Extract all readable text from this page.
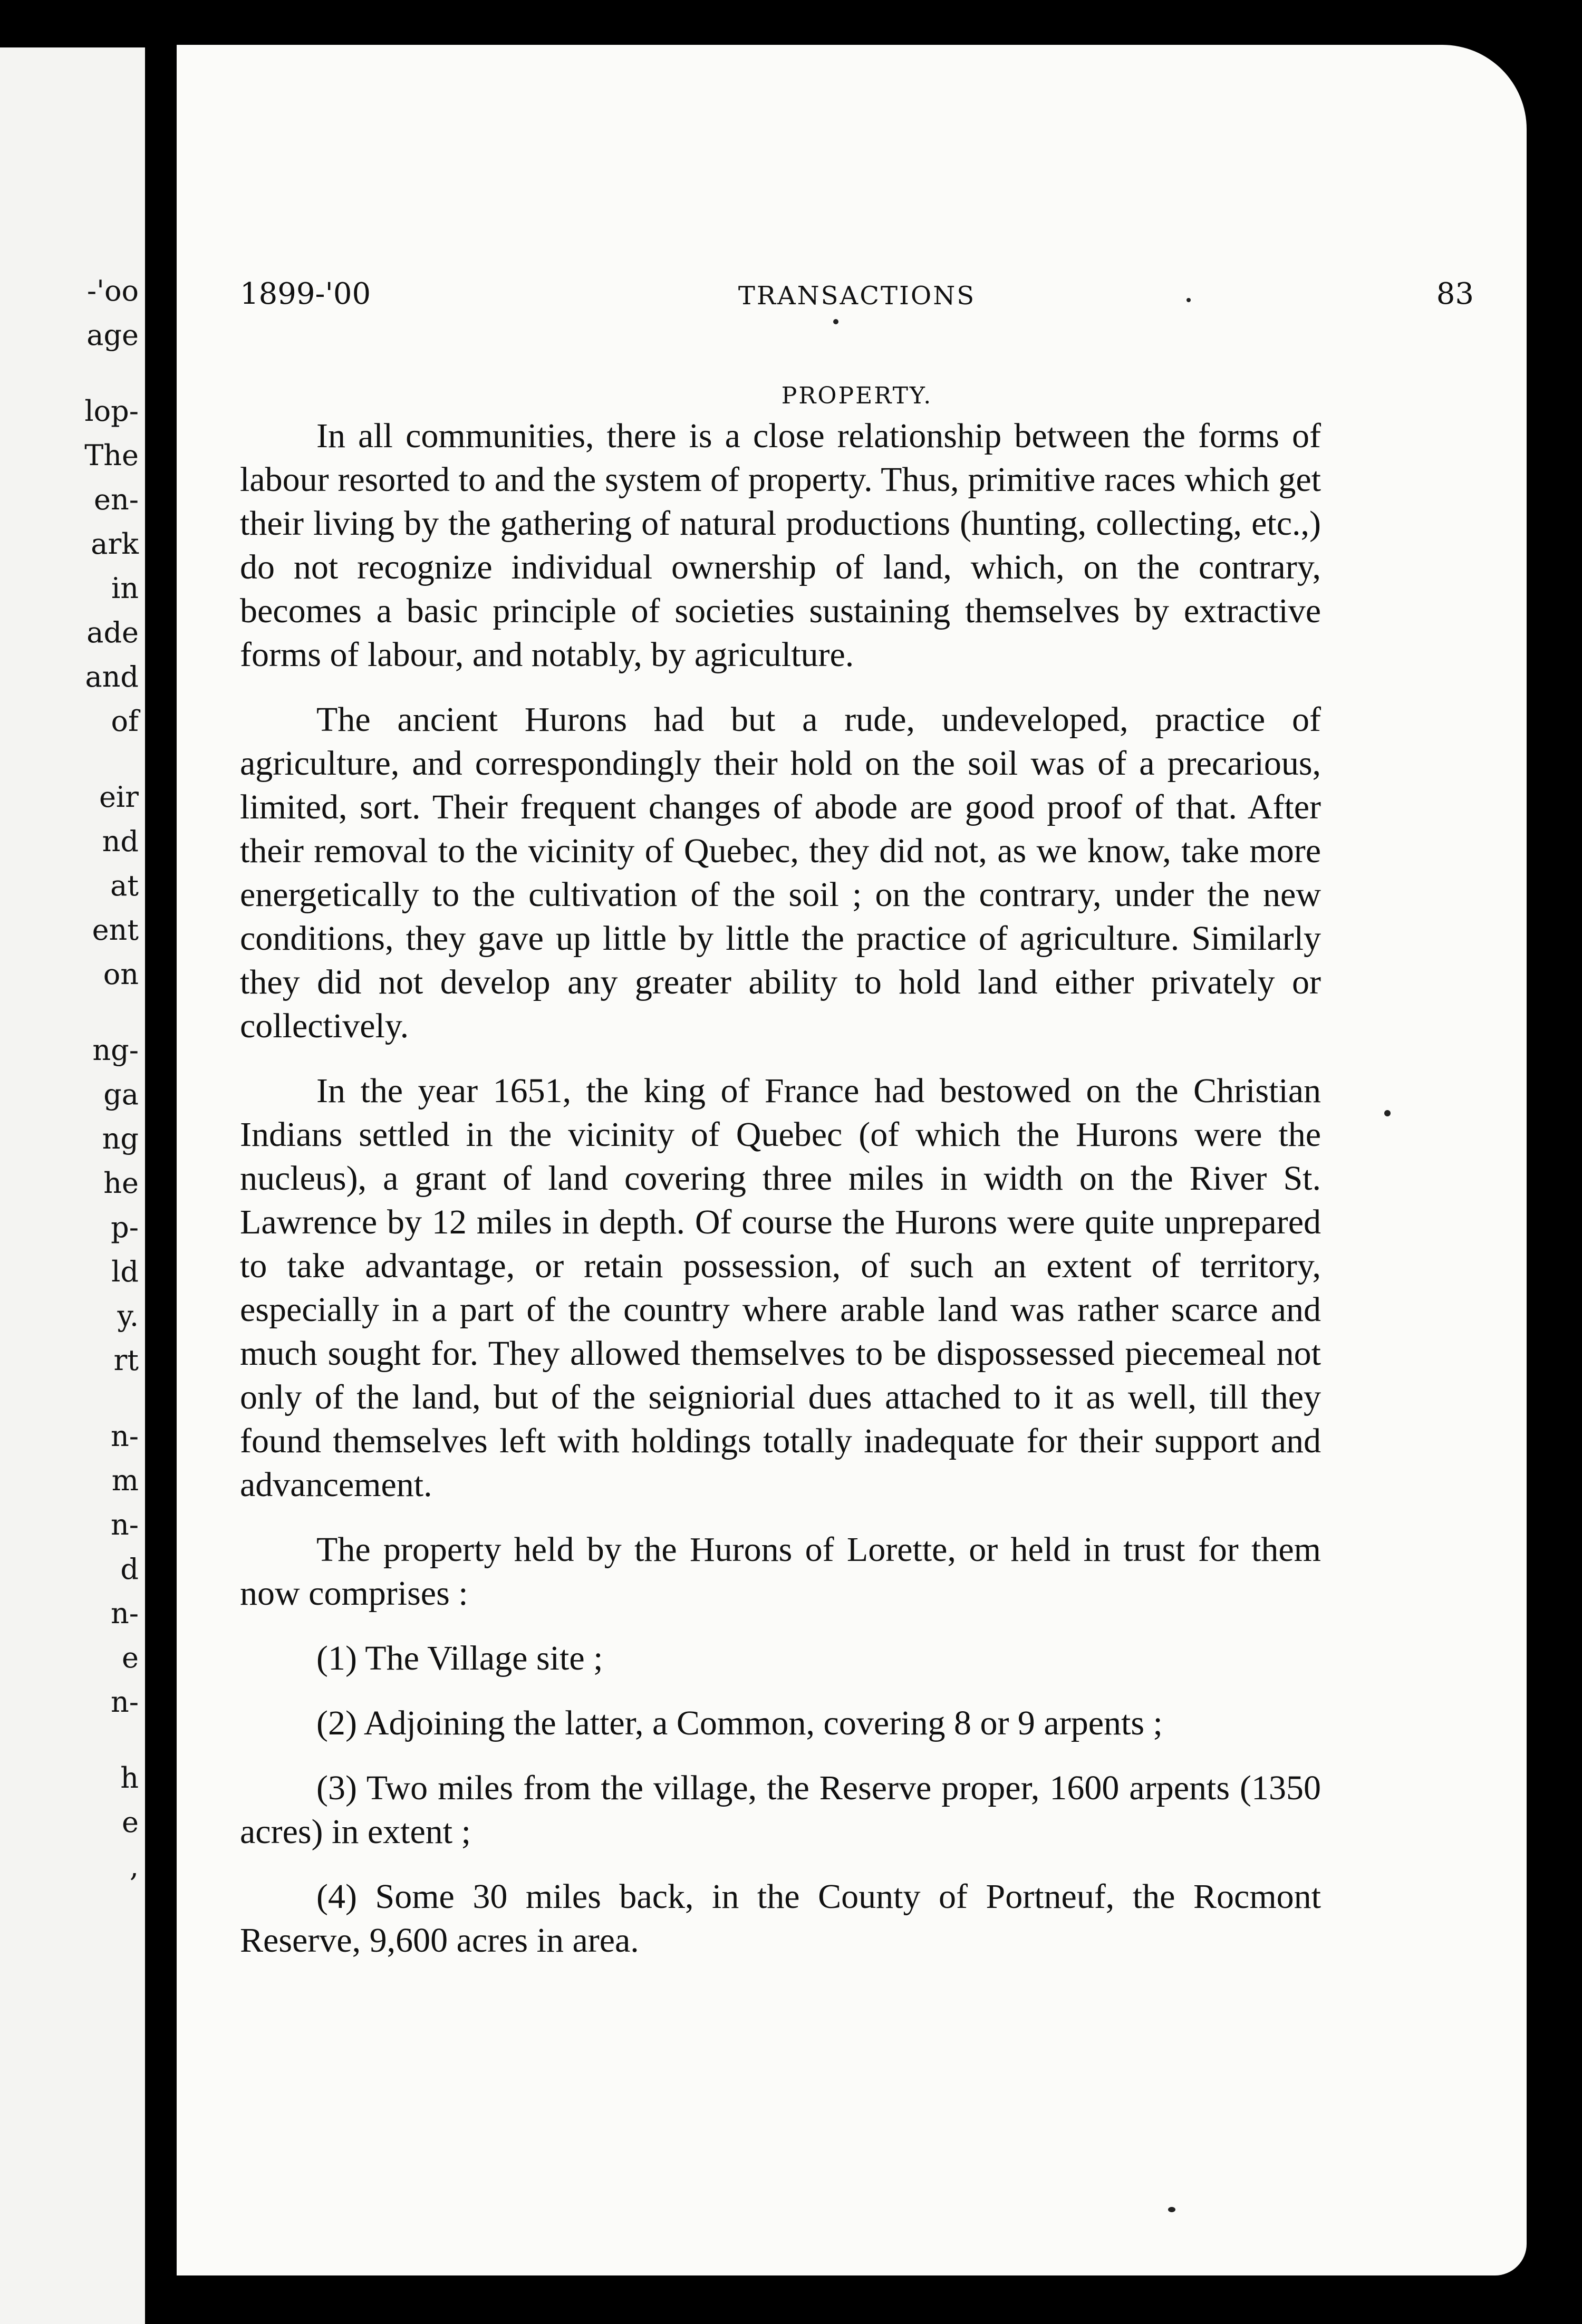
-'oo
age
lop-
The
en-
ark
in
ade
and
of
eir
nd
at
ent
on
ng-
ga
ng
he
p-
ld
y.
rt
n-
m
n-
d
n-
e
n-
h
e
,
1899-'00	TRANSACTIONS	83
PROPERTY.

In all communities, there is a close relationship between the forms of labour resorted to and the system of property. Thus, primitive races which get their living by the gathering of natural productions (hunting, collecting, etc.,) do not recognize individual ownership of land, which, on the contrary, becomes a basic principle of societies sustaining themselves by extractive forms of labour, and notably, by agriculture.

The ancient Hurons had but a rude, undeveloped, practice of agriculture, and correspondingly their hold on the soil was of a precarious, limited, sort. Their frequent changes of abode are good proof of that. After their removal to the vicinity of Quebec, they did not, as we know, take more energetically to the cultivation of the soil ; on the contrary, under the new conditions, they gave up little by little the practice of agriculture. Similarly they did not develop any greater ability to hold land either privately or collectively.

In the year 1651, the king of France had bestowed on the Christian Indians settled in the vicinity of Quebec (of which the Hurons were the nucleus), a grant of land covering three miles in width on the River St. Lawrence by 12 miles in depth. Of course the Hurons were quite unprepared to take advantage, or retain possession, of such an extent of territory, especially in a part of the country where arable land was rather scarce and much sought for. They allowed themselves to be dispossessed piecemeal not only of the land, but of the seigniorial dues attached to it as well, till they found themselves left with holdings totally inadequate for their support and advancement.

The property held by the Hurons of Lorette, or held in trust for them now comprises :

(1) The Village site ;

(2) Adjoining the latter, a Common, covering 8 or 9 arpents ;

(3) Two miles from the village, the Reserve proper, 1600 arpents (1350 acres) in extent ;

(4) Some 30 miles back, in the County of Portneuf, the Rocmont Reserve, 9,600 acres in area.
